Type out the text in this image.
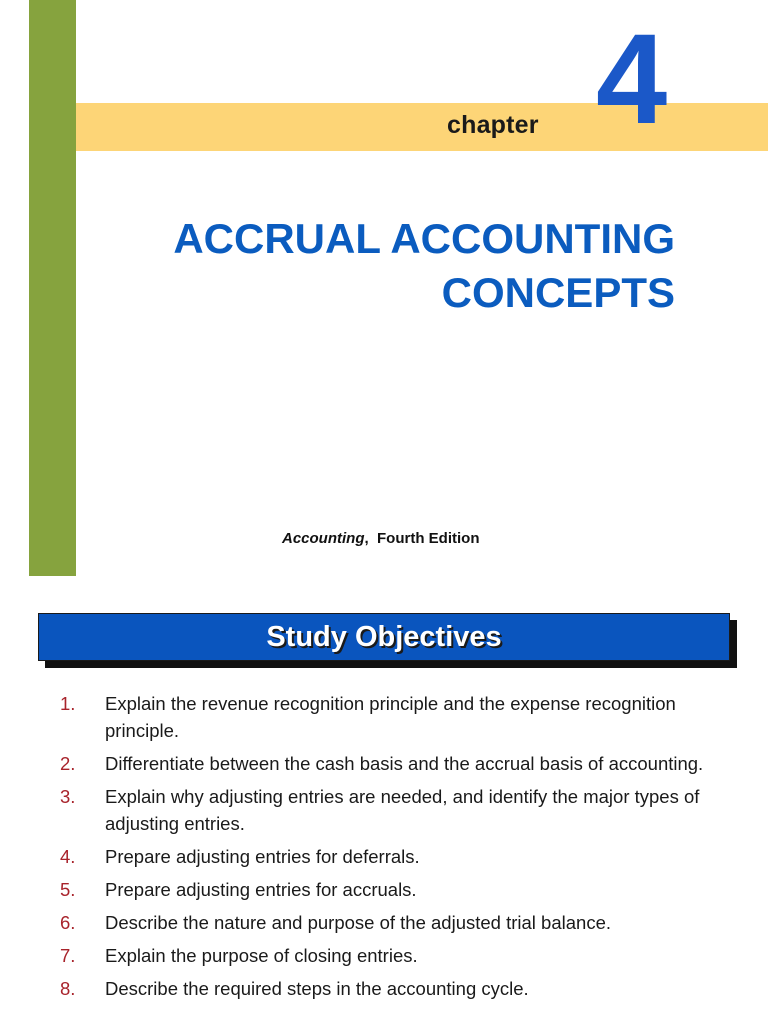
chapter 4
ACCRUAL ACCOUNTING
CONCEPTS
Accounting, Fourth Edition
Study Objectives
1. Explain the revenue recognition principle and the expense recognition principle.
2. Differentiate between the cash basis and the accrual basis of accounting.
3. Explain why adjusting entries are needed, and identify the major types of adjusting entries.
4. Prepare adjusting entries for deferrals.
5. Prepare adjusting entries for accruals.
6. Describe the nature and purpose of the adjusted trial balance.
7. Explain the purpose of closing entries.
8. Describe the required steps in the accounting cycle.
